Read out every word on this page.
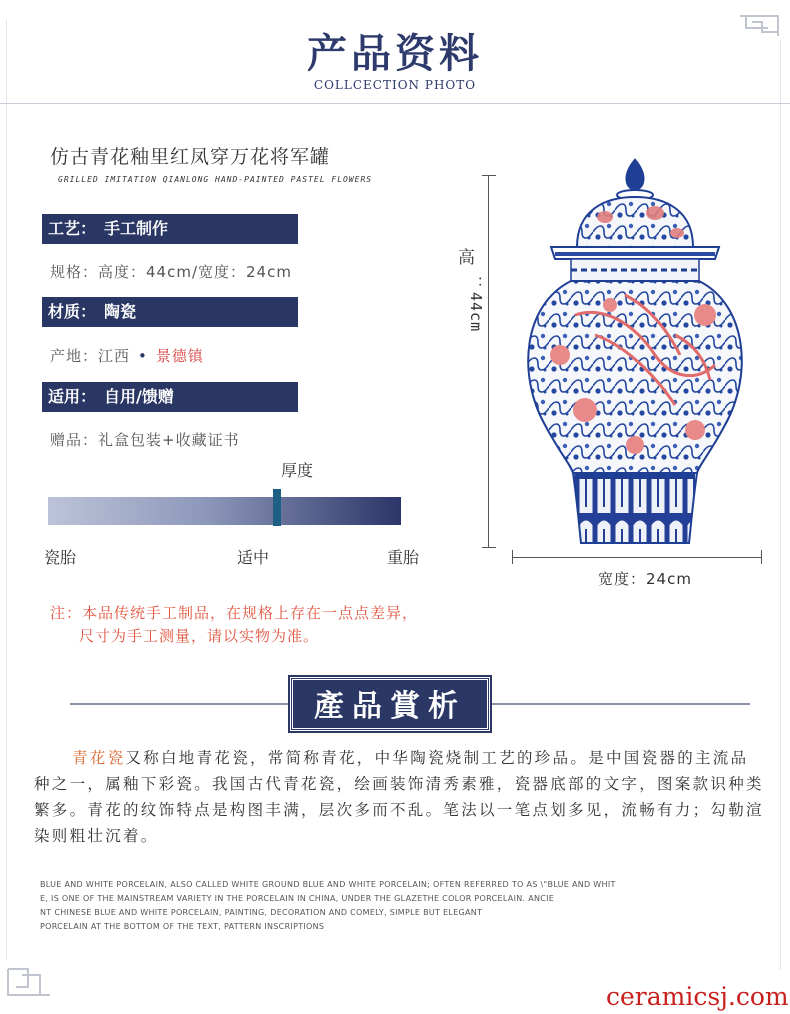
产品资料
COLLCECTION PHOTO
仿古青花釉里红凤穿万花将军罐
GRILLED IMITATION QIANLONG HAND-PAINTED PASTEL FLOWERS
工艺： 手工制作
规格：高度：44cm/宽度：24cm
材质： 陶瓷
产地：江西 • 景德镇
适用： 自用/馈赠
赠品：礼盒包装+收藏证书
厚度
瓷胎	适中	重胎
注：本品传统手工制品，在规格上存在一点点差异，
尺寸为手工测量，请以实物为准。
高
：44cm
宽度：24cm
產品賞析
青花瓷又称白地青花瓷，常简称青花，中华陶瓷烧制工艺的珍品。是中国瓷器的主流品种之一，属釉下彩瓷。我国古代青花瓷，绘画装饰清秀素雅，瓷器底部的文字，图案款识种类繁多。青花的纹饰特点是构图丰满，层次多而不乱。笔法以一笔点划多见，流畅有力；勾勒渲染则粗壮沉着。
BLUE AND WHITE PORCELAIN, ALSO CALLED WHITE GROUND BLUE AND WHITE PORCELAIN; OFTEN REFERRED TO AS \"BLUE AND WHIT
E, IS ONE OF THE MAINSTREAM VARIETY IN THE PORCELAIN IN CHINA, UNDER THE GLAZETHE COLOR PORCELAIN. ANCIE
NT CHINESE BLUE AND WHITE PORCELAIN, PAINTING, DECORATION AND COMELY, SIMPLE BUT ELEGANT
PORCELAIN AT THE BOTTOM OF THE TEXT, PATTERN INSCRIPTIONS
ceramicsj.com
